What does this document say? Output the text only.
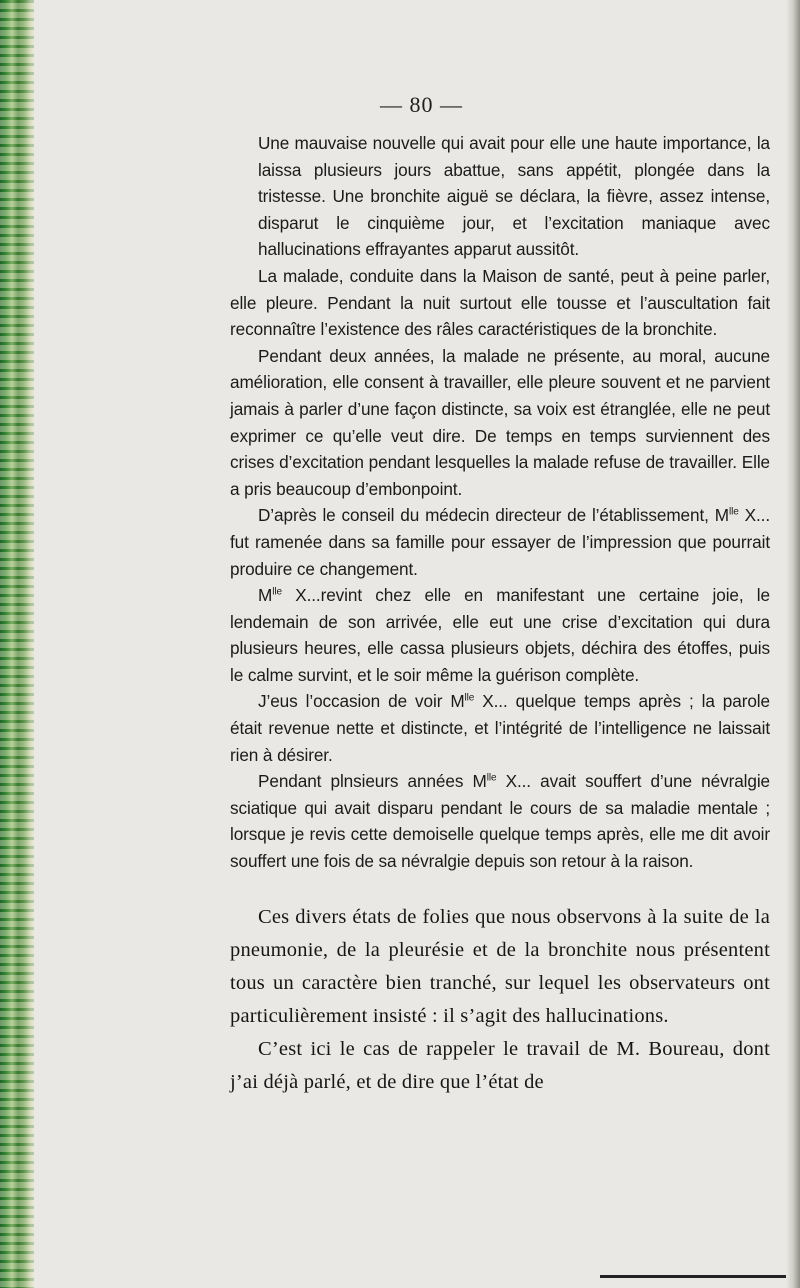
— 80 —

Une mauvaise nouvelle qui avait pour elle une haute importance, la laissa plusieurs jours abattue, sans appétit, plongée dans la tristesse. Une bronchite aiguë se déclara, la fièvre, assez intense, disparut le cinquième jour, et l’excitation maniaque avec hallucinations effrayantes apparut aussitôt.

La malade, conduite dans la Maison de santé, peut à peine parler, elle pleure. Pendant la nuit surtout elle tousse et l’auscultation fait reconnaître l’existence des râles caractéristiques de la bronchite.

Pendant deux années, la malade ne présente, au moral, aucune amélioration, elle consent à travailler, elle pleure souvent et ne parvient jamais à parler d’une façon distincte, sa voix est étranglée, elle ne peut exprimer ce qu’elle veut dire. De temps en temps surviennent des crises d’excitation pendant lesquelles la malade refuse de travailler. Elle a pris beaucoup d’embonpoint.

D’après le conseil du médecin directeur de l’établissement, $M^{lle}$ X... fut ramenée dans sa famille pour essayer de l’impression que pourrait produire ce changement.

$M^{lle}$ X...revint chez elle en manifestant une certaine joie, le lendemain de son arrivée, elle eut une crise d’excitation qui dura plusieurs heures, elle cassa plusieurs objets, déchira des étoffes, puis le calme survint, et le soir même la guérison complète.

J’eus l’occasion de voir $M^{lle}$ X... quelque temps après ; la parole était revenue nette et distincte, et l’intégrité de l’intelligence ne laissait rien à désirer.

Pendant plnsieurs années $M^{lle}$ X... avait souffert d’une névralgie sciatique qui avait disparu pendant le cours de sa maladie mentale ; lorsque je revis cette demoiselle quelque temps après, elle me dit avoir souffert une fois de sa névralgie depuis son retour à la raison.

Ces divers états de folies que nous observons à la suite de la pneumonie, de la pleurésie et de la bronchite nous présentent tous un caractère bien tranché, sur lequel les observateurs ont particulièrement insisté : il s’agit des hallucinations.

C’est ici le cas de rappeler le travail de M. Boureau, dont j’ai déjà parlé, et de dire que l’état de
